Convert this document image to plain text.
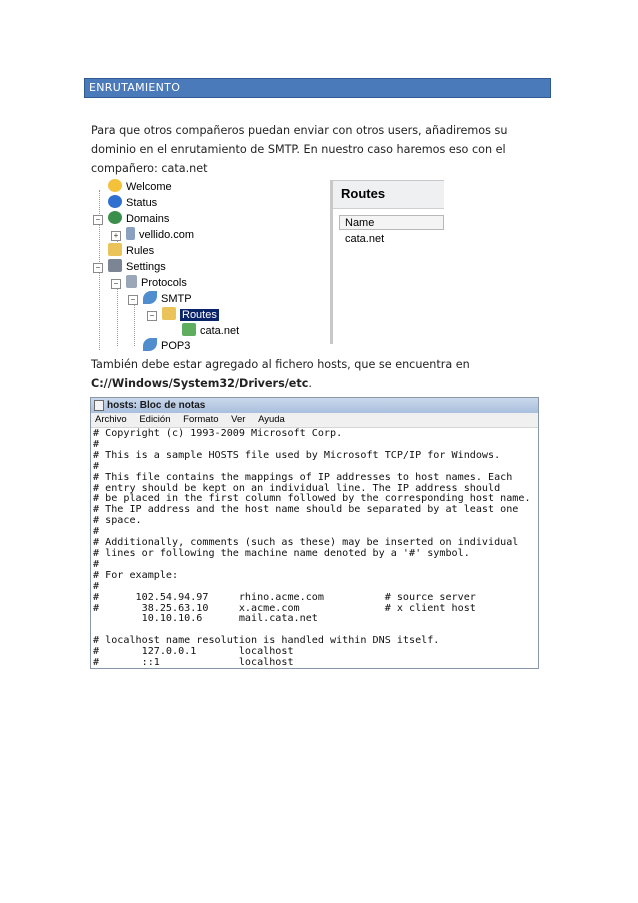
ENRUTAMIENTO
Para que otros compañeros puedan enviar con otros users, añadiremos su dominio en el enrutamiento de SMTP. En nuestro caso haremos eso con el compañero: cata.net
Welcome
Status
−	Domains
+	vellido.com
Rules
−	Settings
−	Protocols
−	SMTP
−	Routes
cata.net
POP3
Routes
Name
cata.net
También debe estar agregado al fichero hosts, que se encuentra en
C://Windows/System32/Drivers/etc.
hosts: Bloc de notas
Archivo Edición Formato Ver Ayuda
# Copyright (c) 1993-2009 Microsoft Corp.
#
# This is a sample HOSTS file used by Microsoft TCP/IP for Windows.
#
# This file contains the mappings of IP addresses to host names. Each
# entry should be kept on an individual line. The IP address should
# be placed in the first column followed by the corresponding host name.
# The IP address and the host name should be separated by at least one
# space.
#
# Additionally, comments (such as these) may be inserted on individual
# lines or following the machine name denoted by a '#' symbol.
#
# For example:
#
#      102.54.94.97     rhino.acme.com          # source server
#       38.25.63.10     x.acme.com              # x client host
10.10.10.6      mail.cata.net

# localhost name resolution is handled within DNS itself.
#       127.0.0.1       localhost
#       ::1             localhost
